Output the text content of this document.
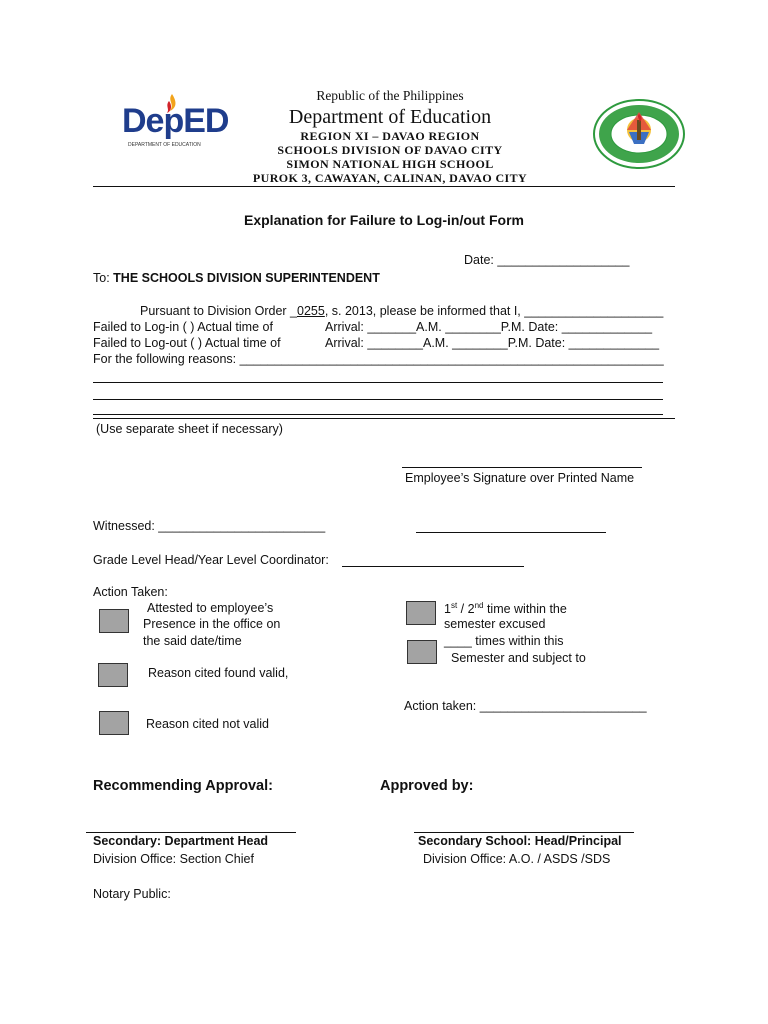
DepED
DEPARTMENT OF EDUCATION
Republic of the Philippines
Department of Education
REGION XI – DAVAO REGION
SCHOOLS DIVISION OF DAVAO CITY
SIMON NATIONAL HIGH SCHOOL
PUROK 3, CAWAYAN, CALINAN, DAVAO CITY
Explanation for Failure to Log-in/out Form
Date: ___________________
To: THE SCHOOLS DIVISION SUPERINTENDENT
Pursuant to Division Order _0255, s. 2013, please be informed that I, ____________________
Failed to Log-in ( ) Actual time of	Arrival: _______A.M. ________P.M. Date: _____________
Failed to Log-out ( ) Actual time of	Arrival: ________A.M. ________P.M. Date: _____________
For the following reasons: _____________________________________________________________
(Use separate sheet if necessary)
Employee’s Signature over Printed Name
Witnessed: ________________________
Grade Level Head/Year Level Coordinator:
Action Taken:
Attested to employee’s
Presence in the office on
the said date/time
Reason cited found valid,
Reason cited not valid
1st / 2nd time within the
semester excused
____ times within this
Semester and subject to
Action taken: ________________________
Recommending Approval:	Approved by:
Secondary: Department Head
Division Office: Section Chief
Secondary School: Head/Principal
Division Office: A.O. / ASDS /SDS
Notary Public:
